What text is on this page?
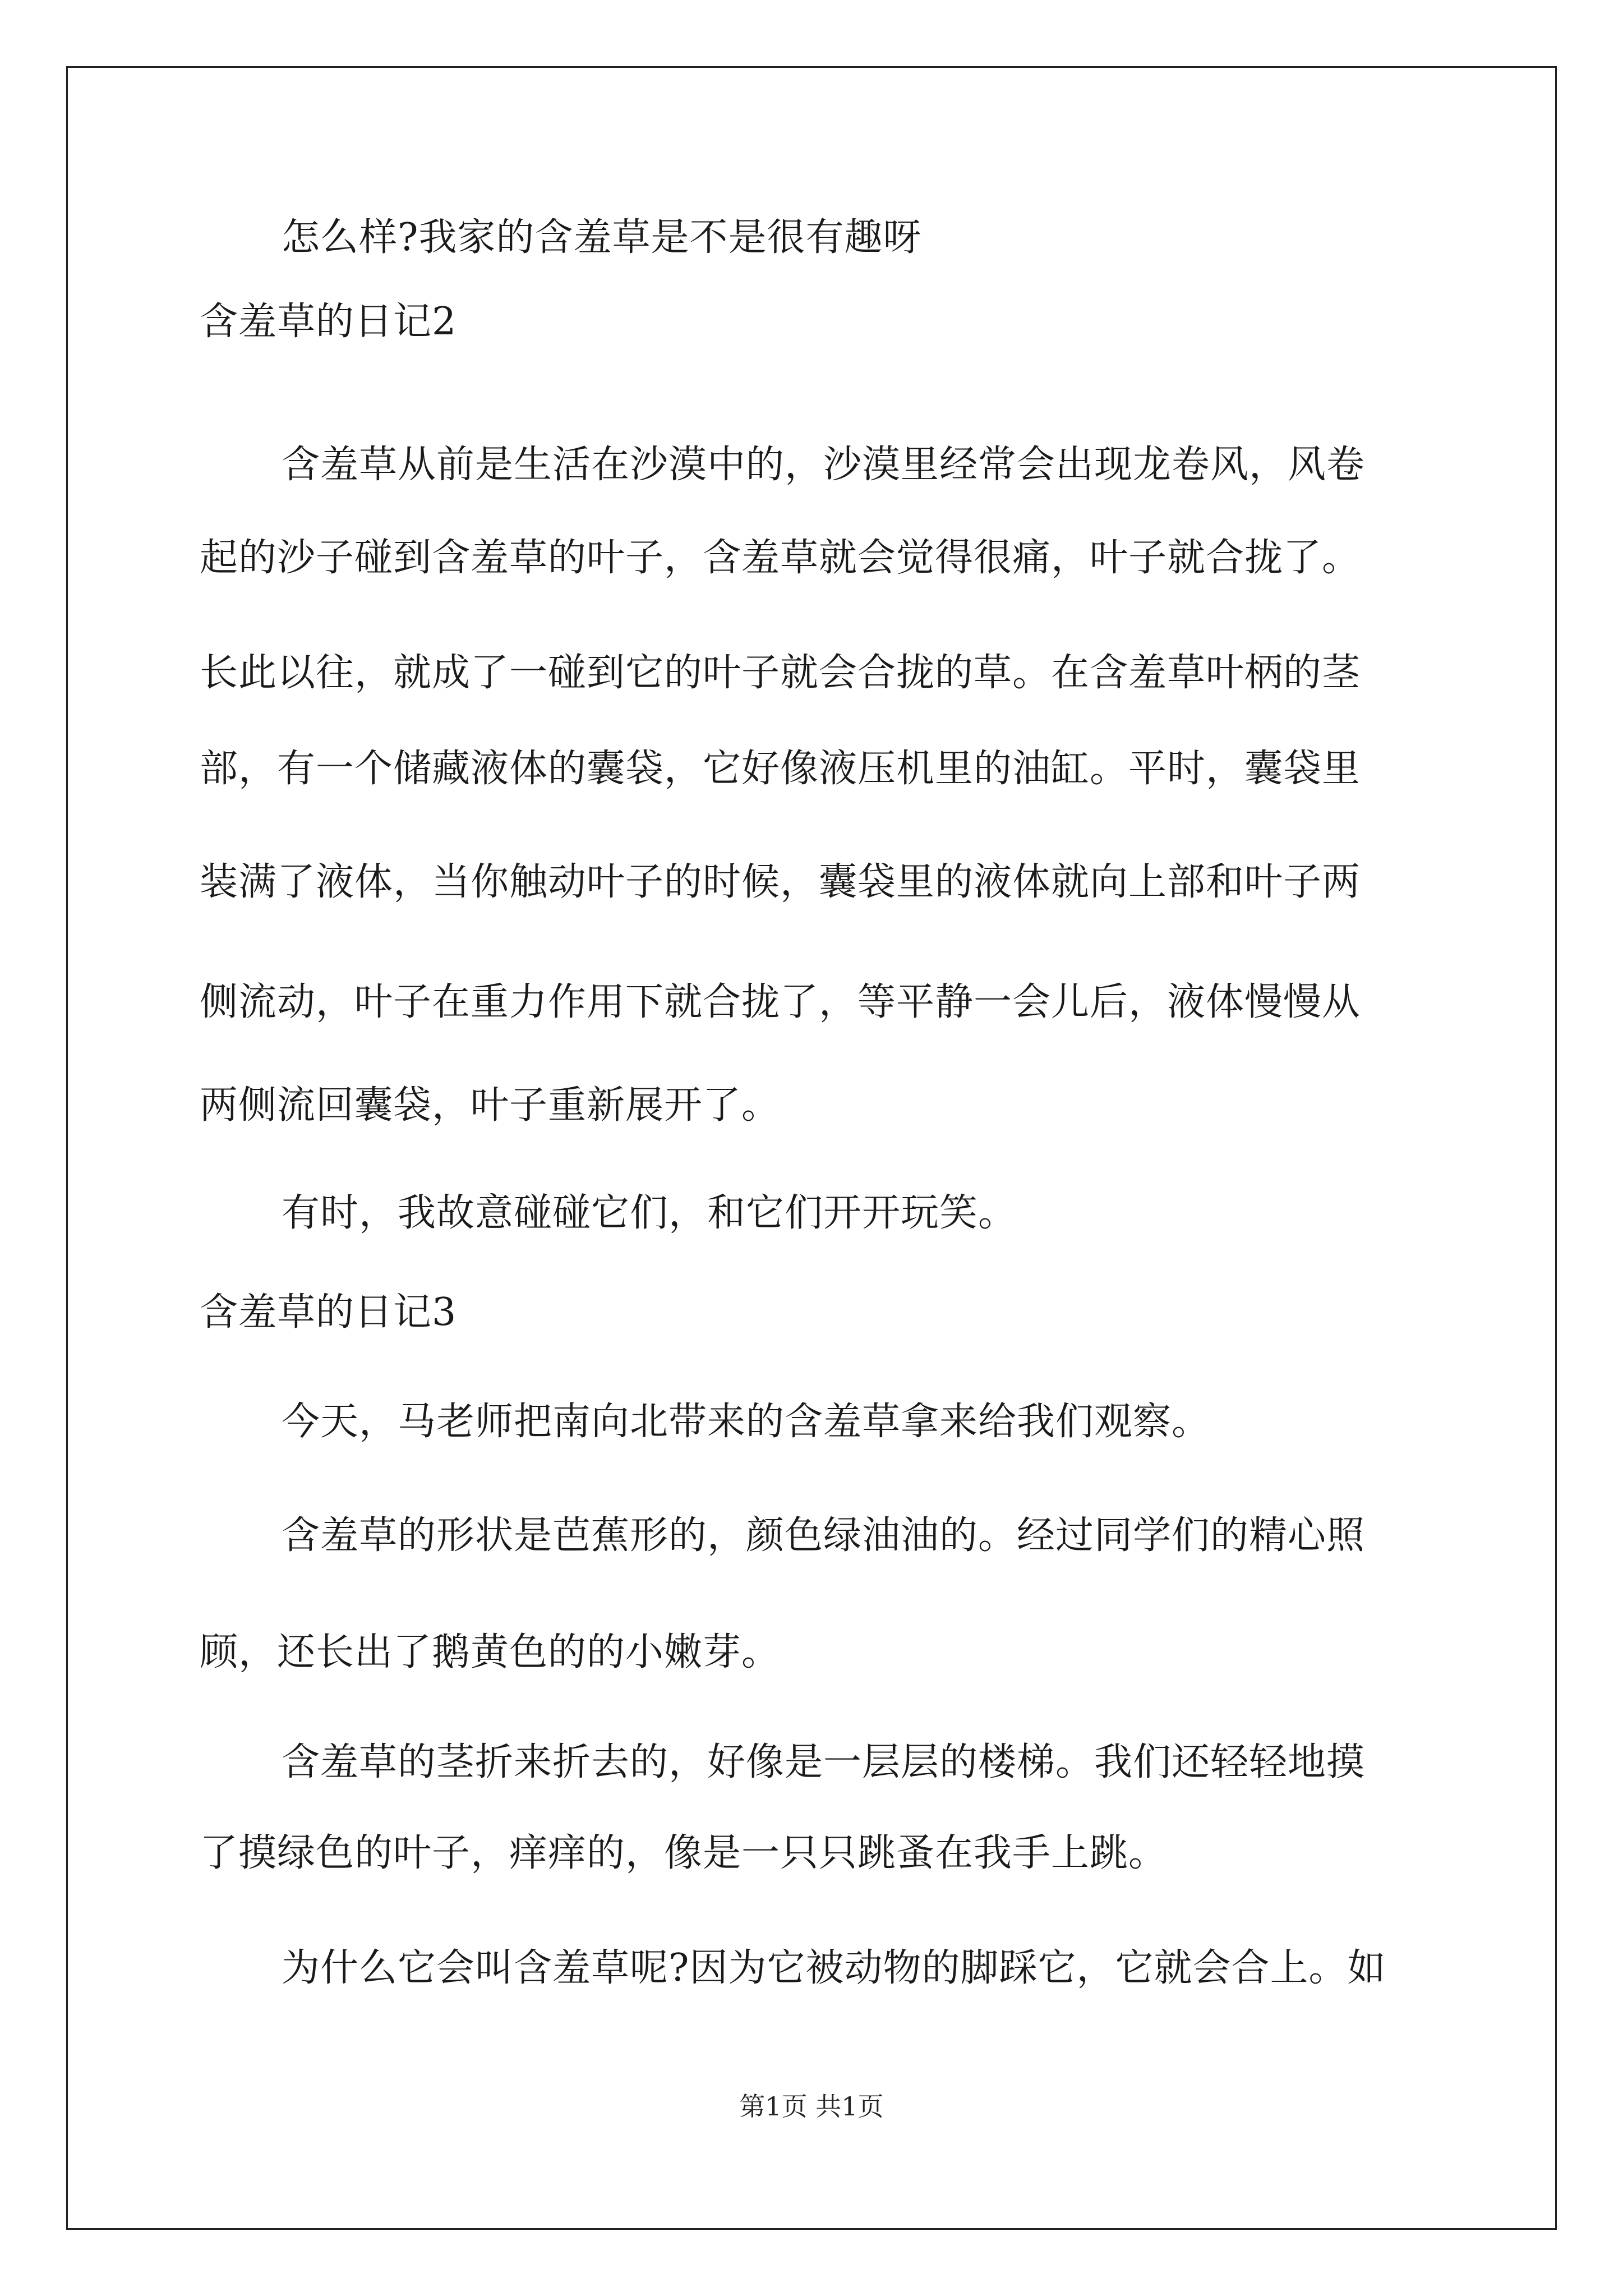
怎么样?我家的含羞草是不是很有趣呀
含羞草的日记2
含羞草从前是生活在沙漠中的，沙漠里经常会出现龙卷风，风卷
起的沙子碰到含羞草的叶子，含羞草就会觉得很痛，叶子就合拢了。
长此以往，就成了一碰到它的叶子就会合拢的草。在含羞草叶柄的茎
部，有一个储藏液体的囊袋，它好像液压机里的油缸。平时，囊袋里
装满了液体，当你触动叶子的时候，囊袋里的液体就向上部和叶子两
侧流动，叶子在重力作用下就合拢了，等平静一会儿后，液体慢慢从
两侧流回囊袋，叶子重新展开了。
有时，我故意碰碰它们，和它们开开玩笑。
含羞草的日记3
今天，马老师把南向北带来的含羞草拿来给我们观察。
含羞草的形状是芭蕉形的，颜色绿油油的。经过同学们的精心照
顾，还长出了鹅黄色的的小嫩芽。
含羞草的茎折来折去的，好像是一层层的楼梯。我们还轻轻地摸
了摸绿色的叶子，痒痒的，像是一只只跳蚤在我手上跳。
为什么它会叫含羞草呢?因为它被动物的脚踩它，它就会合上。如
第1页 共1页
